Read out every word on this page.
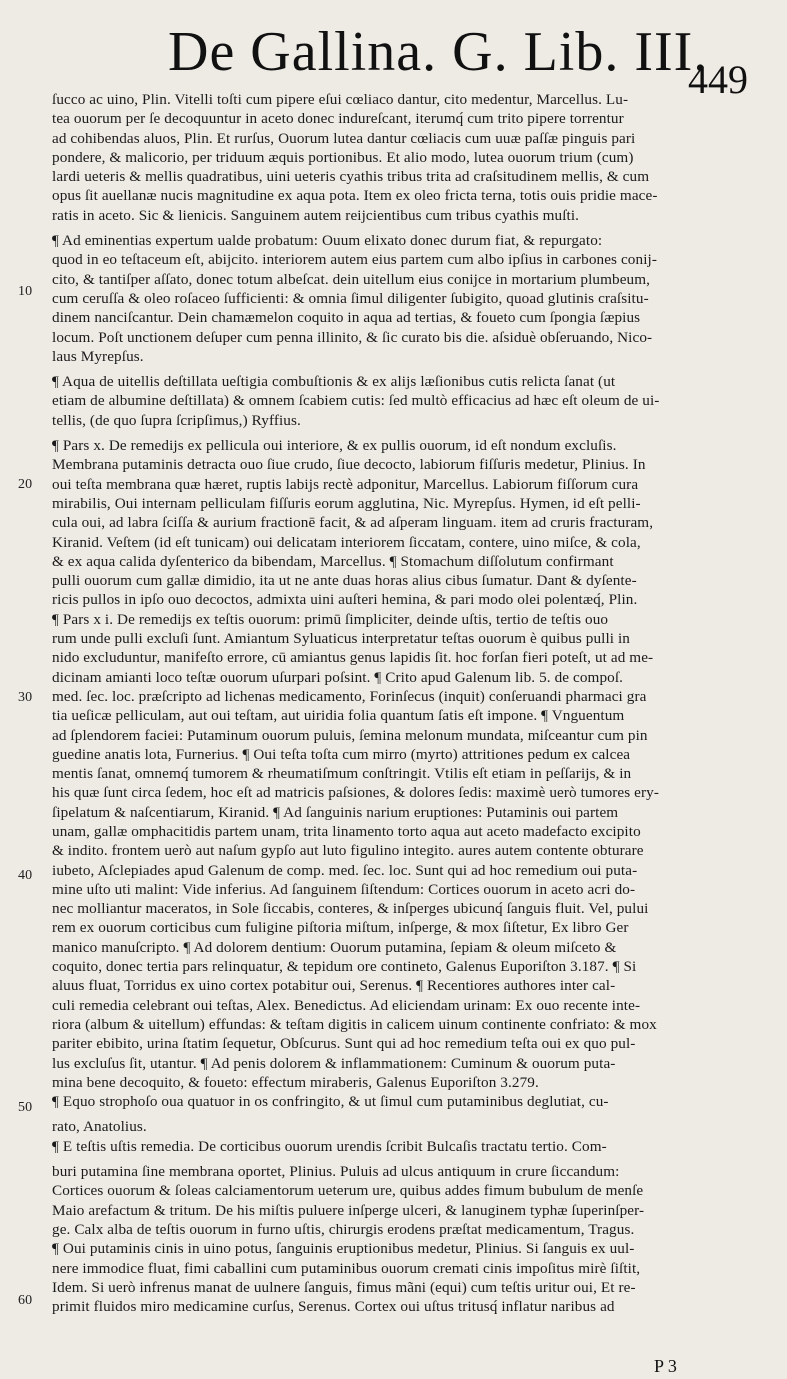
De Gallina. G. Lib. III.
449
10
20
30
40
50
60
ſucco ac uino, Plin. Vitelli toſti cum pipere eſui cœliaco dantur, cito medentur, Marcellus. Lu-
tea ouorum per ſe decoquuntur in aceto donec indureſcant, iterumq́ cum trito pipere torrentur
ad cohibendas aluos, Plin. Et rurſus, Ouorum lutea dantur cœliacis cum uuæ paſſæ pinguis pari
pondere, & malicorio, per triduum æquis portionibus. Et alio modo, lutea ouorum trium (cum)
lardi ueteris & mellis quadratibus, uini ueteris cyathis tribus trita ad craſsitudinem mellis, & cum
opus ſit auellanæ nucis magnitudine ex aqua pota. Item ex oleo fricta terna, totis ouis pridie mace-
ratis in aceto. Sic & lienicis. Sanguinem autem reijcientibus cum tribus cyathis muſti.
¶ Ad eminentias expertum ualde probatum: Ouum elixato donec durum fiat, & repurgato:
quod in eo teſtaceum eſt, abijcito. interiorem autem eius partem cum albo ipſius in carbones conij-
cito, & tantiſper aſſato, donec totum albeſcat. dein uitellum eius conijce in mortarium plumbeum,
cum ceruſſa & oleo roſaceo ſufficienti: & omnia ſimul diligenter ſubigito, quoad glutinis craſsitu-
dinem nanciſcantur. Dein chamæmelon coquito in aqua ad tertias, & foueto cum ſpongia ſæpius
locum. Poſt unctionem deſuper cum penna illinito, & ſic curato bis die. aſsiduè obſeruando, Nico-
laus Myrepſus.
¶ Aqua de uitellis deſtillata ueſtigia combuſtionis & ex alijs læſionibus cutis relicta ſanat (ut
etiam de albumine deſtillata) & omnem ſcabiem cutis: ſed multò efficacius ad hæc eſt oleum de ui-
tellis, (de quo ſupra ſcripſimus,) Ryffius.
¶ Pars x. De remedijs ex pellicula oui interiore, & ex pullis ouorum, id eſt nondum excluſis.
Membrana putaminis detracta ouo ſiue crudo, ſiue decocto, labiorum fiſſuris medetur, Plinius. In
oui teſta membrana quæ hæret, ruptis labijs rectè adponitur, Marcellus. Labiorum fiſſorum cura
mirabilis, Oui internam pelliculam fiſſuris eorum agglutina, Nic. Myrepſus. Hymen, id eſt pelli-
cula oui, ad labra ſciſſa & aurium fractionē facit, & ad aſperam linguam. item ad cruris fracturam,
Kiranid. Veſtem (id eſt tunicam) oui delicatam interiorem ſiccatam, contere, uino miſce, & cola,
& ex aqua calida dyſenterico da bibendam, Marcellus. ¶ Stomachum diſſolutum confirmant
pulli ouorum cum gallæ dimidio, ita ut ne ante duas horas alius cibus ſumatur. Dant & dyſente-
ricis pullos in ipſo ouo decoctos, admixta uini auſteri hemina, & pari modo olei polentæq́, Plin.
¶ Pars x i. De remedijs ex teſtis ouorum: primū ſimpliciter, deinde uſtis, tertio de teſtis ouo
rum unde pulli excluſi ſunt. Amiantum Syluaticus interpretatur teſtas ouorum è quibus pulli in
nido excluduntur, manifeſto errore, cū amiantus genus lapidis ſit. hoc forſan fieri poteſt, ut ad me-
dicinam amianti loco teſtæ ouorum uſurpari poſsint. ¶ Crito apud Galenum lib. 5. de compoſ.
med. ſec. loc. præſcripto ad lichenas medicamento, Forinſecus (inquit) conſeruandi pharmaci gra
tia ueſicæ pelliculam, aut oui teſtam, aut uiridia folia quantum ſatis eſt impone. ¶ Vnguentum
ad ſplendorem faciei: Putaminum ouorum puluis, ſemina melonum mundata, miſceantur cum pin
guedine anatis lota, Furnerius. ¶ Oui teſta toſta cum mirro (myrto) attritiones pedum ex calcea
mentis ſanat, omnemq́ tumorem & rheumatiſmum conſtringit. Vtilis eſt etiam in peſſarijs, & in
his quæ ſunt circa ſedem, hoc eſt ad matricis paſsiones, & dolores ſedis: maximè uerò tumores ery-
ſipelatum & naſcentiarum, Kiranid. ¶ Ad ſanguinis narium eruptiones: Putaminis oui partem
unam, gallæ omphacitidis partem unam, trita linamento torto aqua aut aceto madefacto excipito
& indito. frontem uerò aut naſum gypſo aut luto figulino integito. aures autem contente obturare
iubeto, Aſclepiades apud Galenum de comp. med. ſec. loc. Sunt qui ad hoc remedium oui puta-
mine uſto uti malint: Vide inferius. Ad ſanguinem ſiſtendum: Cortices ouorum in aceto acri do-
nec molliantur maceratos, in Sole ſiccabis, conteres, & inſperges ubicunq́ ſanguis fluit. Vel, pului
rem ex ouorum corticibus cum fuligine piſtoria miſtum, inſperge, & mox ſiſtetur, Ex libro Ger
manico manuſcripto. ¶ Ad dolorem dentium: Ouorum putamina, ſepiam & oleum miſceto &
coquito, donec tertia pars relinquatur, & tepidum ore contineto, Galenus Euporiſton 3.187. ¶ Si
aluus fluat, Torridus ex uino cortex potabitur oui, Serenus. ¶ Recentiores authores inter cal-
culi remedia celebrant oui teſtas, Alex. Benedictus. Ad eliciendam urinam: Ex ouo recente inte-
riora (album & uitellum) effundas: & teſtam digitis in calicem uinum continente confriato: & mox
pariter ebibito, urina ſtatim ſequetur, Obſcurus. Sunt qui ad hoc remedium teſta oui ex quo pul-
lus excluſus ſit, utantur. ¶ Ad penis dolorem & inflammationem: Cuminum & ouorum puta-
mina bene decoquito, & foueto: effectum miraberis, Galenus Euporiſton 3.279.
¶ Equo strophoſo oua quatuor in os confringito, & ut ſimul cum putaminibus deglutiat, cu-
rato, Anatolius.
¶ E teſtis uſtis remedia. De corticibus ouorum urendis ſcribit Bulcaſis tractatu tertio. Com-
buri putamina ſine membrana oportet, Plinius. Puluis ad ulcus antiquum in crure ſiccandum:
Cortices ouorum & ſoleas calciamentorum ueterum ure, quibus addes fimum bubulum de menſe
Maio arefactum & tritum. De his miſtis puluere inſperge ulceri, & lanuginem typhæ ſuperinſper-
ge. Calx alba de teſtis ouorum in furno uſtis, chirurgis erodens præſtat medicamentum, Tragus.
¶ Oui putaminis cinis in uino potus, ſanguinis eruptionibus medetur, Plinius. Si ſanguis ex uul-
nere immodice fluat, fimi caballini cum putaminibus ouorum cremati cinis impoſitus mirè ſiſtit,
Idem. Si uerò infrenus manat de uulnere ſanguis, fimus mãni (equi) cum teſtis uritur oui, Et re-
primit fluidos miro medicamine curſus, Serenus. Cortex oui uſtus tritusq́ inflatur naribus ad
P 3
